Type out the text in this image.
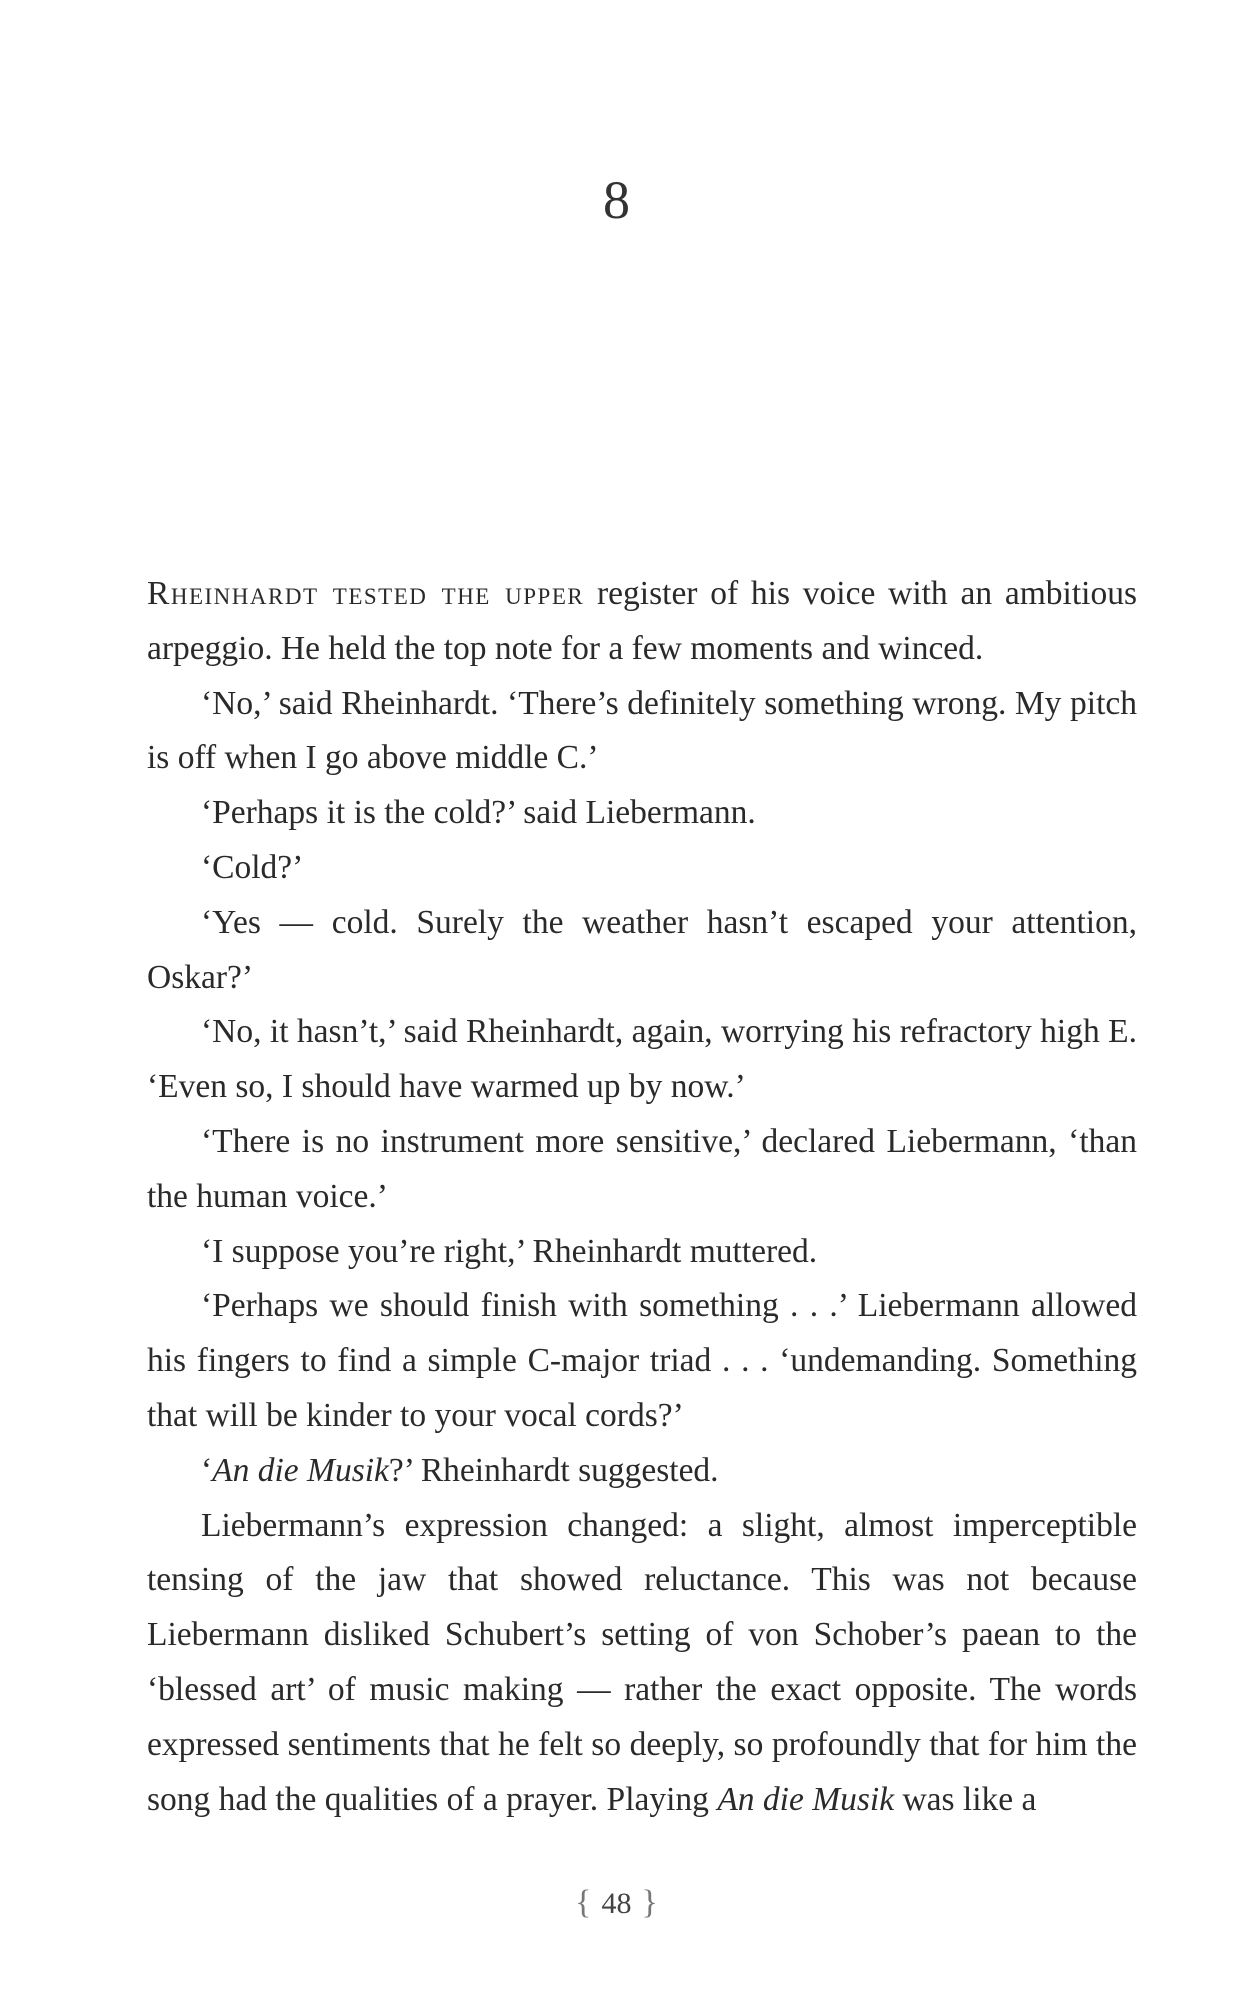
8

Rheinhardt tested the upper register of his voice with an ambitious arpeggio. He held the top note for a few moments and winced.

‘No,’ said Rheinhardt. ‘There’s definitely something wrong. My pitch is off when I go above middle C.’

‘Perhaps it is the cold?’ said Liebermann.

‘Cold?’

‘Yes — cold. Surely the weather hasn’t escaped your attention, Oskar?’

‘No, it hasn’t,’ said Rheinhardt, again, worrying his refractory high E. ‘Even so, I should have warmed up by now.’

‘There is no instrument more sensitive,’ declared Liebermann, ‘than the human voice.’

‘I suppose you’re right,’ Rheinhardt muttered.

‘Perhaps we should finish with something . . .’ Liebermann allowed his fingers to find a simple C-major triad . . . ‘undemanding. Something that will be kinder to your vocal cords?’

‘An die Musik?’ Rheinhardt suggested.

Liebermann’s expression changed: a slight, almost imperceptible tensing of the jaw that showed reluctance. This was not because Liebermann disliked Schubert’s setting of von Schober’s paean to the ‘blessed art’ of music making — rather the exact opposite. The words expressed sentiments that he felt so deeply, so profoundly that for him the song had the qualities of a prayer. Playing An die Musik was like a

{ 48 }
